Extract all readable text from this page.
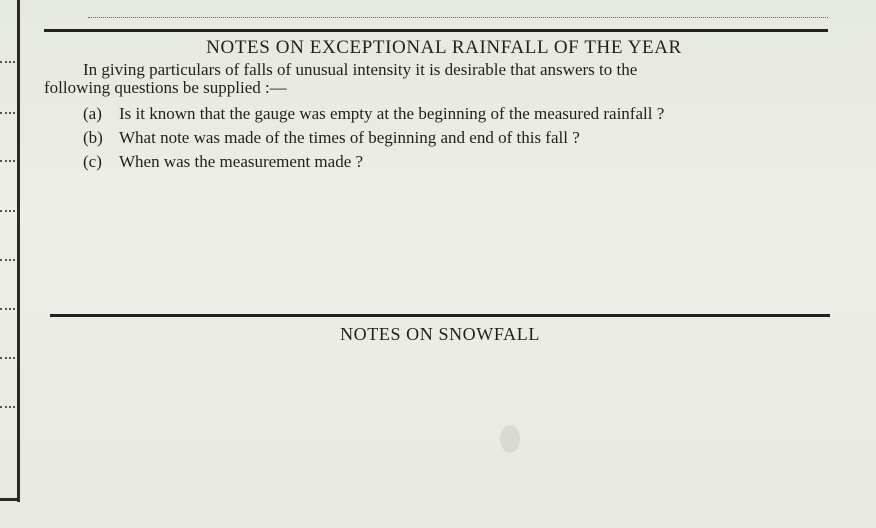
NOTES ON EXCEPTIONAL RAINFALL OF THE YEAR
In giving particulars of falls of unusual intensity it is desirable that answers to the
following questions be supplied :—
(a) Is it known that the gauge was empty at the beginning of the measured rainfall ?
(b) What note was made of the times of beginning and end of this fall ?
(c) When was the measurement made ?
NOTES ON SNOWFALL
